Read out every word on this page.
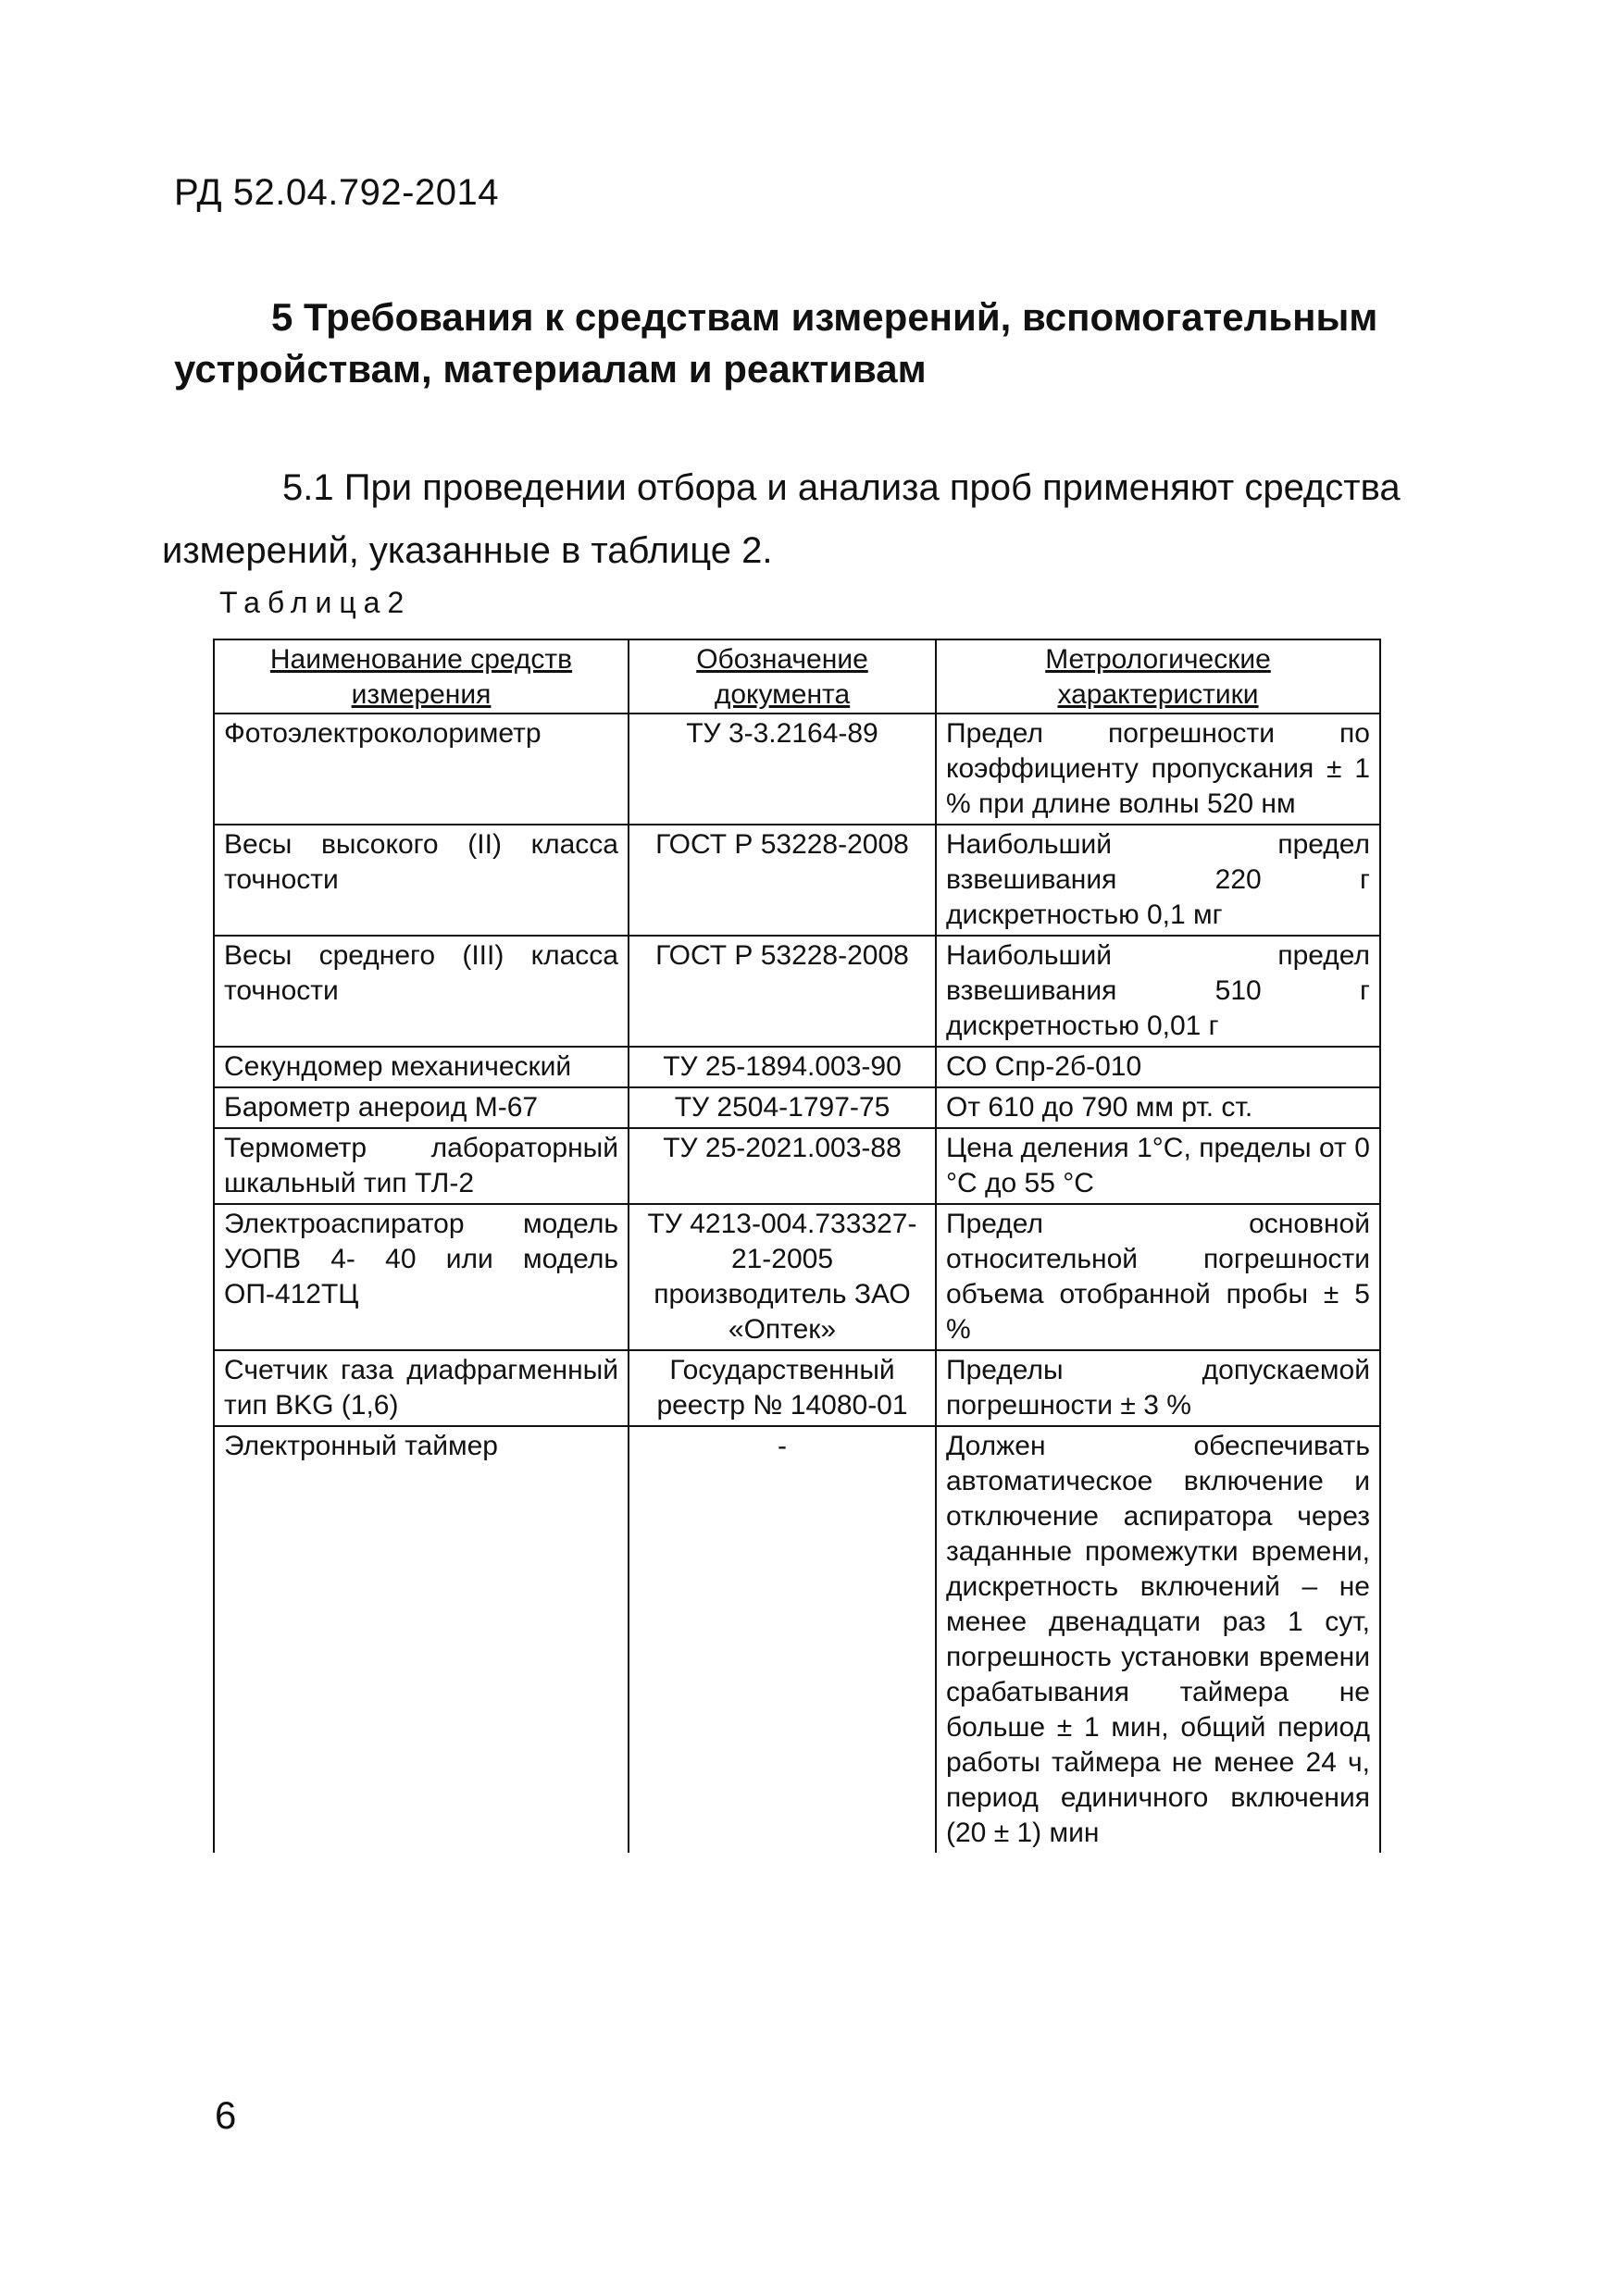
РД 52.04.792-2014
5 Требования к средствам измерений, вспомогательным устройствам, материалам и реактивам
5.1 При проведении отбора и анализа проб применяют средства измерений, указанные в таблице 2.
Таблица2
Наименование средств измерения	Обозначение документа	Метрологические характеристики
Фотоэлектроколориметр	ТУ 3-3.2164-89	Предел погрешности по коэффициенту пропускания ± 1 % при длине волны 520 нм
Весы высокого (II) класса точности	ГОСТ Р 53228-2008	Наибольший предел взвешивания 220 г дискретностью 0,1 мг
Весы среднего (III) класса точности	ГОСТ Р 53228-2008	Наибольший предел взвешивания 510 г дискретностью 0,01 г
Секундомер механический	ТУ 25-1894.003-90	СО Cпр-2б-010
Барометр анероид М-67	ТУ 2504-1797-75	От 610 до 790 мм рт. ст.
Термометр лабораторный шкальный тип ТЛ-2	ТУ 25-2021.003-88	Цена деления 1°С, пределы от 0 °С до 55 °С
Электроаспиратор модель УОПВ 4- 40 или модель ОП-412ТЦ	ТУ 4213-004.733327-21-2005 производитель ЗАО «Оптек»	Предел основной относительной погрешности объема отобранной пробы ± 5 %
Счетчик газа диафрагменный тип BKG (1,6)	Государственный реестр № 14080-01	Пределы допускаемой погрешности ± 3 %
Электронный таймер	-	Должен обеспечивать автоматическое включение и отключение аспиратора через заданные промежутки времени, дискретность включений – не менее двенадцати раз 1 сут, погрешность установки времени срабатывания таймера не больше ± 1 мин, общий период работы таймера не менее 24 ч, период единичного включения (20 ± 1) мин
6
